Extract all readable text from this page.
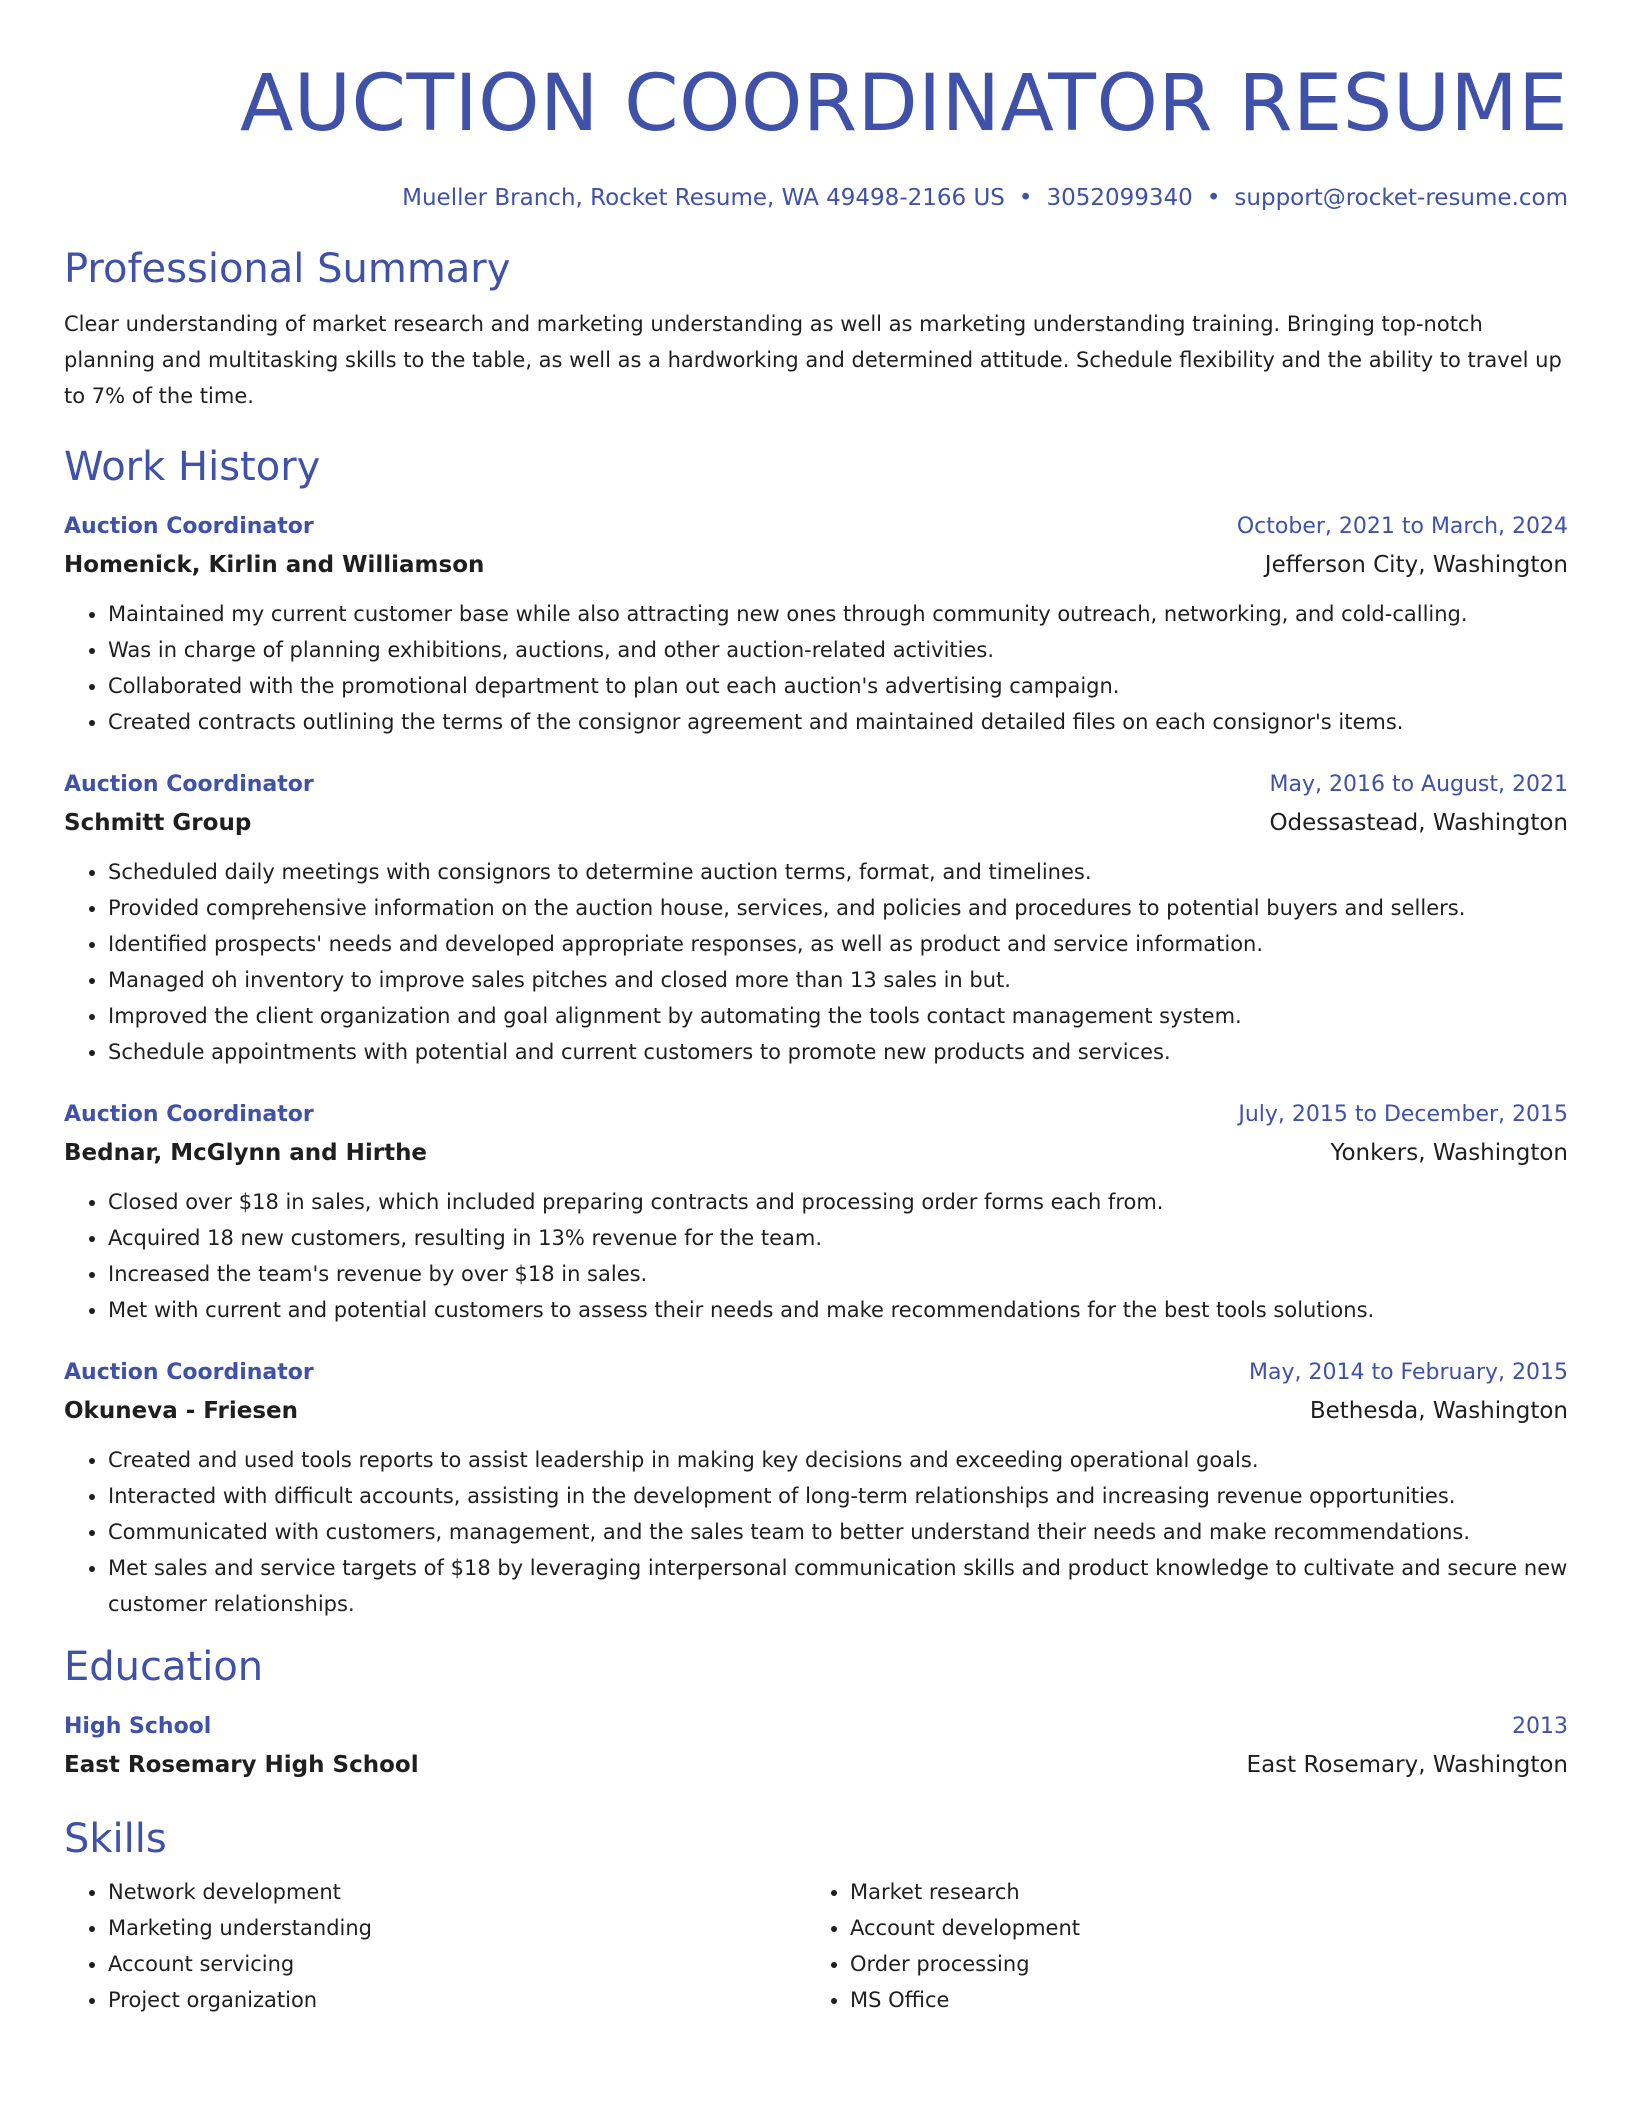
AUCTION COORDINATOR RESUME
Mueller Branch, Rocket Resume, WA 49498-2166 US • 3052099340 • support@rocket-resume.com
Professional Summary

Clear understanding of market research and marketing understanding as well as marketing understanding training. Bringing top-notch planning and multitasking skills to the table, as well as a hardworking and determined attitude. Schedule flexibility and the ability to travel up to 7% of the time.

Work History
Auction Coordinator	October, 2021 to March, 2024
Homenick, Kirlin and Williamson	Jefferson City, Washington
• Maintained my current customer base while also attracting new ones through community outreach, networking, and cold-calling.
• Was in charge of planning exhibitions, auctions, and other auction-related activities.
• Collaborated with the promotional department to plan out each auction's advertising campaign.
• Created contracts outlining the terms of the consignor agreement and maintained detailed files on each consignor's items.
Auction Coordinator	May, 2016 to August, 2021
Schmitt Group	Odessastead, Washington
• Scheduled daily meetings with consignors to determine auction terms, format, and timelines.
• Provided comprehensive information on the auction house, services, and policies and procedures to potential buyers and sellers.
• Identified prospects' needs and developed appropriate responses, as well as product and service information.
• Managed oh inventory to improve sales pitches and closed more than 13 sales in but.
• Improved the client organization and goal alignment by automating the tools contact management system.
• Schedule appointments with potential and current customers to promote new products and services.
Auction Coordinator	July, 2015 to December, 2015
Bednar, McGlynn and Hirthe	Yonkers, Washington
• Closed over $18 in sales, which included preparing contracts and processing order forms each from.
• Acquired 18 new customers, resulting in 13% revenue for the team.
• Increased the team's revenue by over $18 in sales.
• Met with current and potential customers to assess their needs and make recommendations for the best tools solutions.
Auction Coordinator	May, 2014 to February, 2015
Okuneva - Friesen	Bethesda, Washington
• Created and used tools reports to assist leadership in making key decisions and exceeding operational goals.
• Interacted with difficult accounts, assisting in the development of long-term relationships and increasing revenue opportunities.
• Communicated with customers, management, and the sales team to better understand their needs and make recommendations.
• Met sales and service targets of $18 by leveraging interpersonal communication skills and product knowledge to cultivate and secure new customer relationships.
Education
High School	2013
East Rosemary High School	East Rosemary, Washington
Skills
• Network development
• Marketing understanding
• Account servicing
• Project organization
• Market research
• Account development
• Order processing
• MS Office
